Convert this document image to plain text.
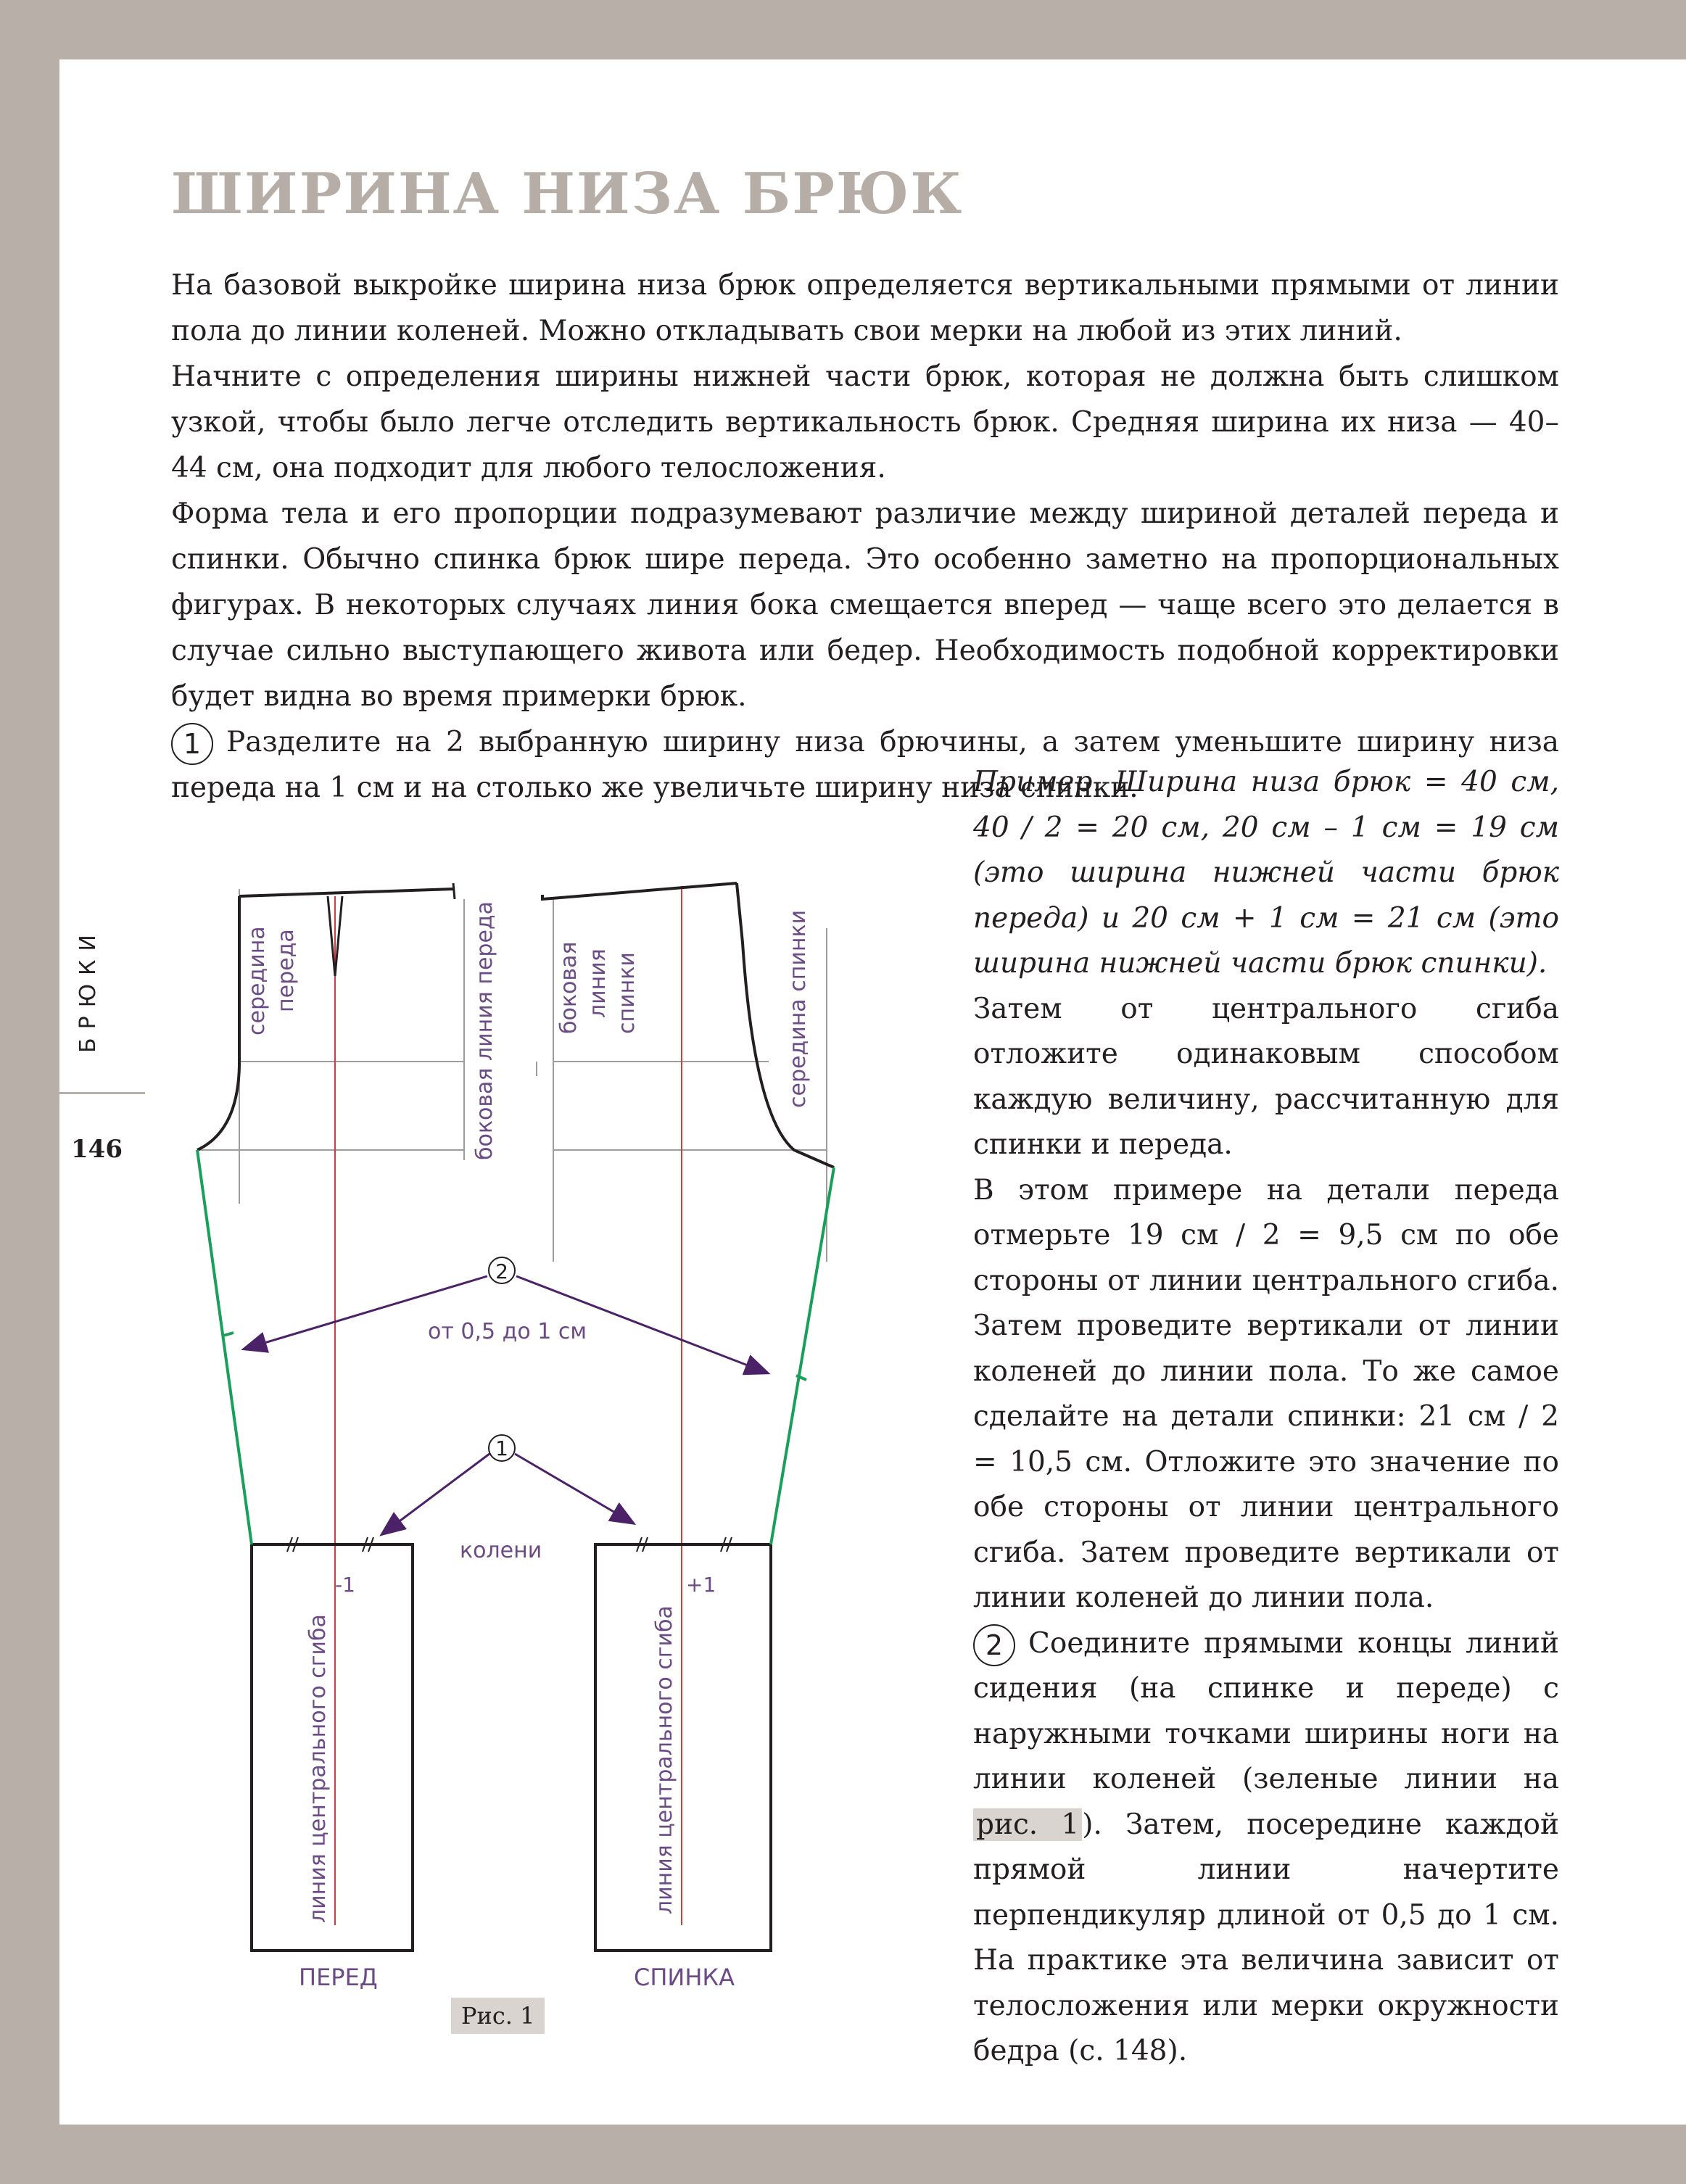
ШИРИНА НИЗА БРЮК

На базовой выкройке ширина низа брюк определяется вертикальными прямыми от линии пола до линии коленей. Можно откладывать свои мерки на любой из этих линий.

Начните с определения ширины нижней части брюк, которая не должна быть слишком узкой, чтобы было легче отследить вертикальность брюк. Средняя ширина их низа — 40–44 см, она подходит для любого телосложения.

Форма тела и его пропорции подразумевают различие между шириной деталей переда и спинки. Обычно спинка брюк шире переда. Это особенно заметно на пропорциональных фигурах. В некоторых случаях линия бока смещается вперед — чаще всего это делается в случае сильно выступающего живота или бедер. Необходимость подобной корректировки будет видна во время примерки брюк.

1 Разделите на 2 выбранную ширину низа брючины, а затем уменьшите ширину низа переда на 1 см и на столько же увеличьте ширину низа спинки.

Пример. Ширина низа брюк = 40 см, 40 / 2 = 20 см, 20 см – 1 см = 19 см (это ширина нижней части брюк переда) и 20 см + 1 см = 21 см (это ширина нижней части брюк спинки).

Затем от центрального сгиба отложите одинаковым способом каждую величину, рассчитанную для спинки и переда.

В этом примере на детали переда отмерьте 19 см / 2 = 9,5 см по обе стороны от линии центрального сгиба. Затем проведите вертикали от линии коленей до линии пола. То же самое сделайте на детали спинки: 21 см / 2 = 10,5 см. Отложите это значение по обе стороны от линии центрального сгиба. Затем проведите вертикали от линии коленей до линии пола.

2 Соедините прямыми концы линий сидения (на спинке и переде) с наружными точками ширины ноги на линии коленей (зеленые линии на рис. 1 ). Затем, посередине каждой прямой линии начертите перпендикуляр длиной от 0,5 до 1 см. На практике эта величина зависит от телосложения или мерки окружности бедра (с. 148).

БРЮКИ
146
2
1
середина переда	боковая линия переда	боковая линия спинки	середина спинки
от 0,5 до 1 см
колени
-1	+1
линия центрального сгиба	линия центрального сгиба
ПЕРЕД	СПИНКА
Рис. 1
